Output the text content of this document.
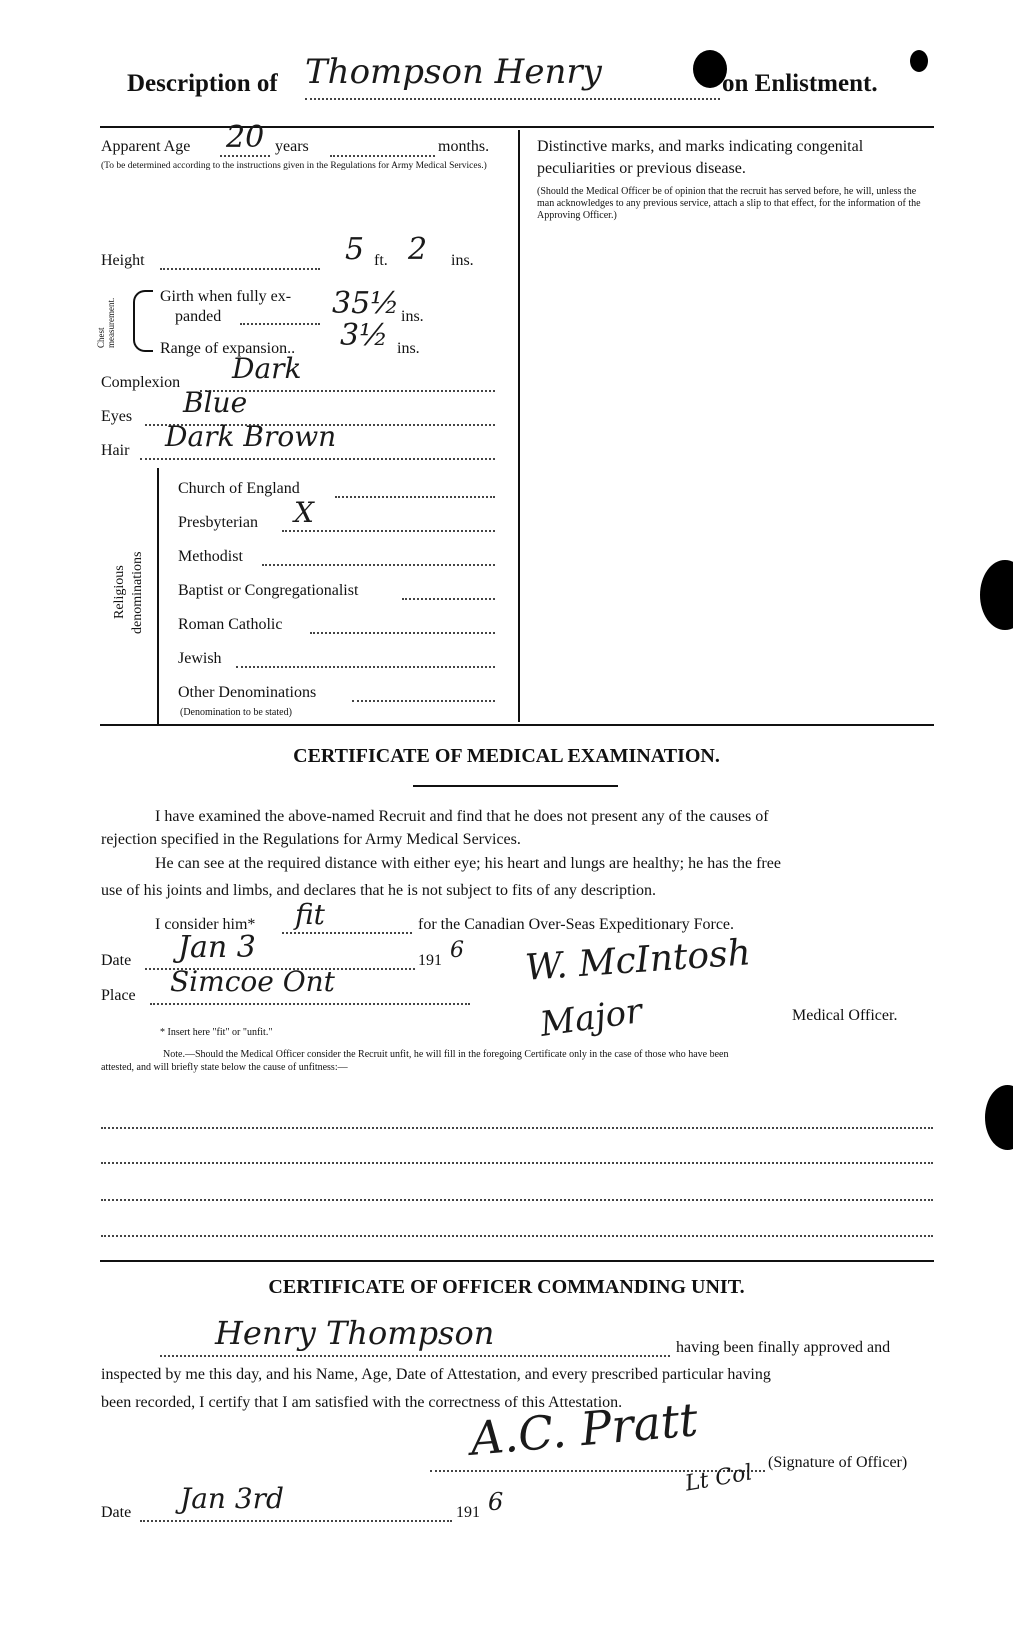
Description of Thompson Henry	on Enlistment.
Apparent Age 20 years	months.
(To be determined according to the instructions given in the Regulations for Army Medical Services.)
Height	5 ft. 2 ins.
Chest measurement.
Girth when fully ex-
panded	35½ ins.
Range of expansion.. 3½ ins.
Complexion Dark
Eyes Blue
Hair Dark Brown
Religious denominations
Church of England
Presbyterian X
Methodist
Baptist or Congregationalist
Roman Catholic
Jewish
Other Denominations
(Denomination to be stated)
Distinctive marks, and marks indicating congenital peculiarities or previous disease.
(Should the Medical Officer be of opinion that the recruit has served before, he will, unless the man acknowledges to any previous service, attach a slip to that effect, for the information of the Approving Officer.)
CERTIFICATE OF MEDICAL EXAMINATION.
I have examined the above-named Recruit and find that he does not present any of the causes of
rejection specified in the Regulations for Army Medical Services.
He can see at the required distance with either eye; his heart and lungs are healthy; he has the free
use of his joints and limbs, and declares that he is not subject to fits of any description.
I consider him* fit	for the Canadian Over-Seas Expeditionary Force.
Date Jan 3	191 6
Place Simcoe Ont	W. McIntosh
Major	Medical Officer.
* Insert here "fit" or "unfit."
Note.—Should the Medical Officer consider the Recruit unfit, he will fill in the foregoing Certificate only in the case of those who have been
attested, and will briefly state below the cause of unfitness:—
CERTIFICATE OF OFFICER COMMANDING UNIT.
Henry Thompson	having been finally approved and
inspected by me this day, and his Name, Age, Date of Attestation, and every prescribed particular having
been recorded, I certify that I am satisfied with the correctness of this Attestation.
A.C. Pratt	(Signature of Officer)
Lt Col
Date Jan 3rd	191 6
